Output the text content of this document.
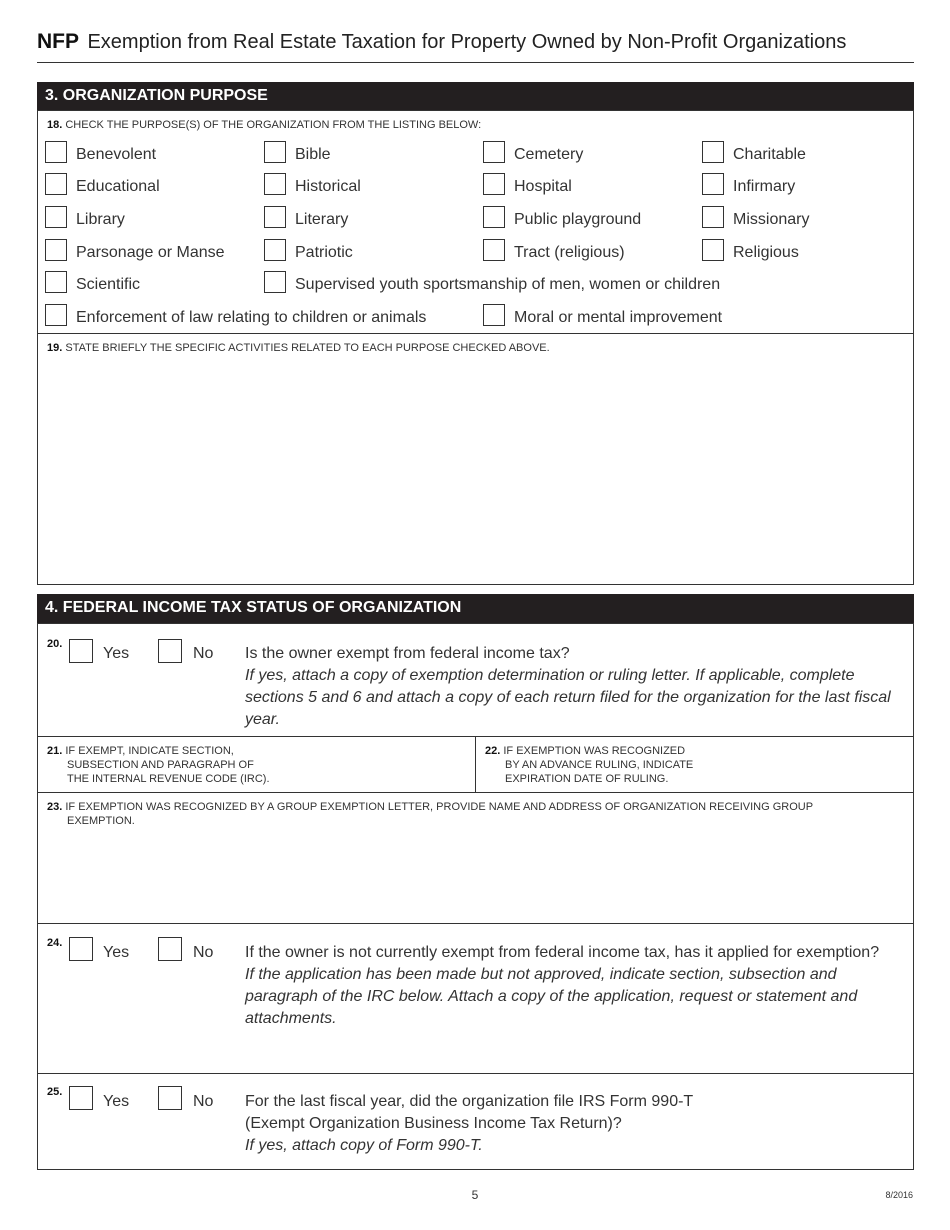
NFP Exemption from Real Estate Taxation for Property Owned by Non-Profit Organizations
3. ORGANIZATION PURPOSE
18. CHECK THE PURPOSE(S) OF THE ORGANIZATION FROM THE LISTING BELOW:
Benevolent	Bible	Cemetery	Charitable
Educational	Historical	Hospital	Infirmary
Library	Literary	Public playground	Missionary
Parsonage or Manse	Patriotic	Tract (religious)	Religious
Scientific	Supervised youth sportsmanship of men, women or children
Enforcement of law relating to children or animals	Moral or mental improvement
19. STATE BRIEFLY THE SPECIFIC ACTIVITIES RELATED TO EACH PURPOSE CHECKED ABOVE.
4. FEDERAL INCOME TAX STATUS OF ORGANIZATION
20.
Yes	No Is the owner exempt from federal income tax?
If yes, attach a copy of exemption determination or ruling letter. If applicable, complete sections 5 and 6 and attach a copy of each return filed for the organization for the last fiscal year.
21. IF EXEMPT, INDICATE SECTION,
SUBSECTION AND PARAGRAPH OF
THE INTERNAL REVENUE CODE (IRC).
22. IF EXEMPTION WAS RECOGNIZED
BY AN ADVANCE RULING, INDICATE
EXPIRATION DATE OF RULING.
23. IF EXEMPTION WAS RECOGNIZED BY A GROUP EXEMPTION LETTER, PROVIDE NAME AND ADDRESS OF ORGANIZATION RECEIVING GROUP
EXEMPTION.
24.
Yes	No If the owner is not currently exempt from federal income tax, has it applied for exemption?
If the application has been made but not approved, indicate section, subsection and paragraph of the IRC below. Attach a copy of the application, request or statement and attachments.
25.
Yes	No For the last fiscal year, did the organization file IRS Form 990-T
(Exempt Organization Business Income Tax Return)?
If yes, attach copy of Form 990-T.
5	8/2016
